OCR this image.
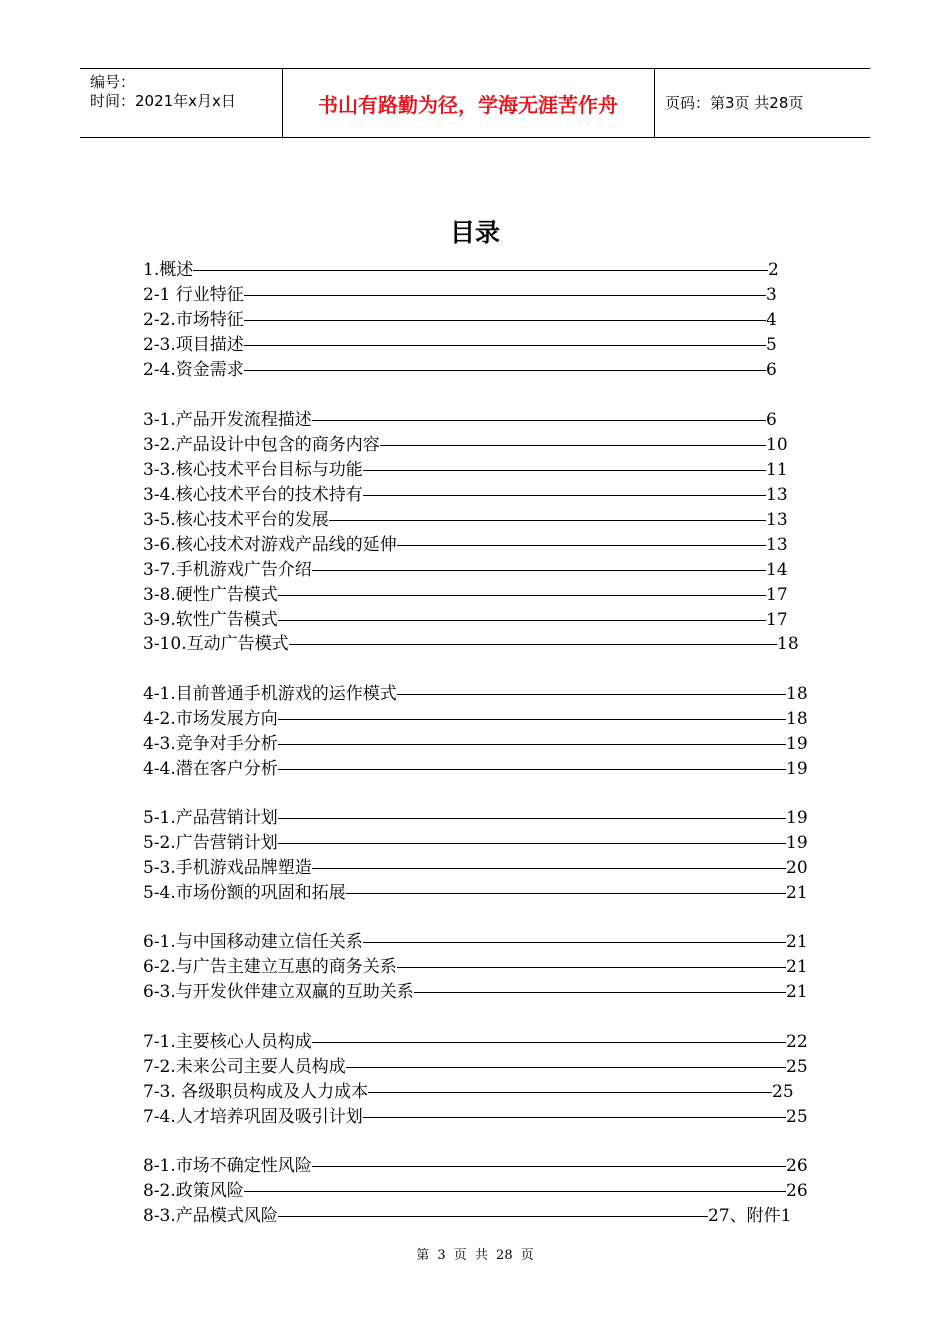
编号：
时间：2021年x月x日	书山有路勤为径，学海无涯苦作舟	页码：第3页 共28页
目录
1.概述	2
2-1 行业特征	3
2-2.市场特征	4
2-3.项目描述	5
2-4.资金需求	6
3-1.产品开发流程描述	6
3-2.产品设计中包含的商务内容	10
3-3.核心技术平台目标与功能	11
3-4.核心技术平台的技术持有	13
3-5.核心技术平台的发展	13
3-6.核心技术对游戏产品线的延伸	13
3-7.手机游戏广告介绍	14
3-8.硬性广告模式	17
3-9.软性广告模式	17
3-10.互动广告模式	18
4-1.目前普通手机游戏的运作模式	18
4-2.市场发展方向	18
4-3.竞争对手分析	19
4-4.潜在客户分析	19
5-1.产品营销计划	19
5-2.广告营销计划	19
5-3.手机游戏品牌塑造	20
5-4.市场份额的巩固和拓展	21
6-1.与中国移动建立信任关系	21
6-2.与广告主建立互惠的商务关系	21
6-3.与开发伙伴建立双赢的互助关系	21
7-1.主要核心人员构成	22
7-2.未来公司主要人员构成	25
7-3. 各级职员构成及人力成本	25
7-4.人才培养巩固及吸引计划	25
8-1.市场不确定性风险	26
8-2.政策风险	26
8-3.产品模式风险	27、附件1
第 3 页 共 28 页
